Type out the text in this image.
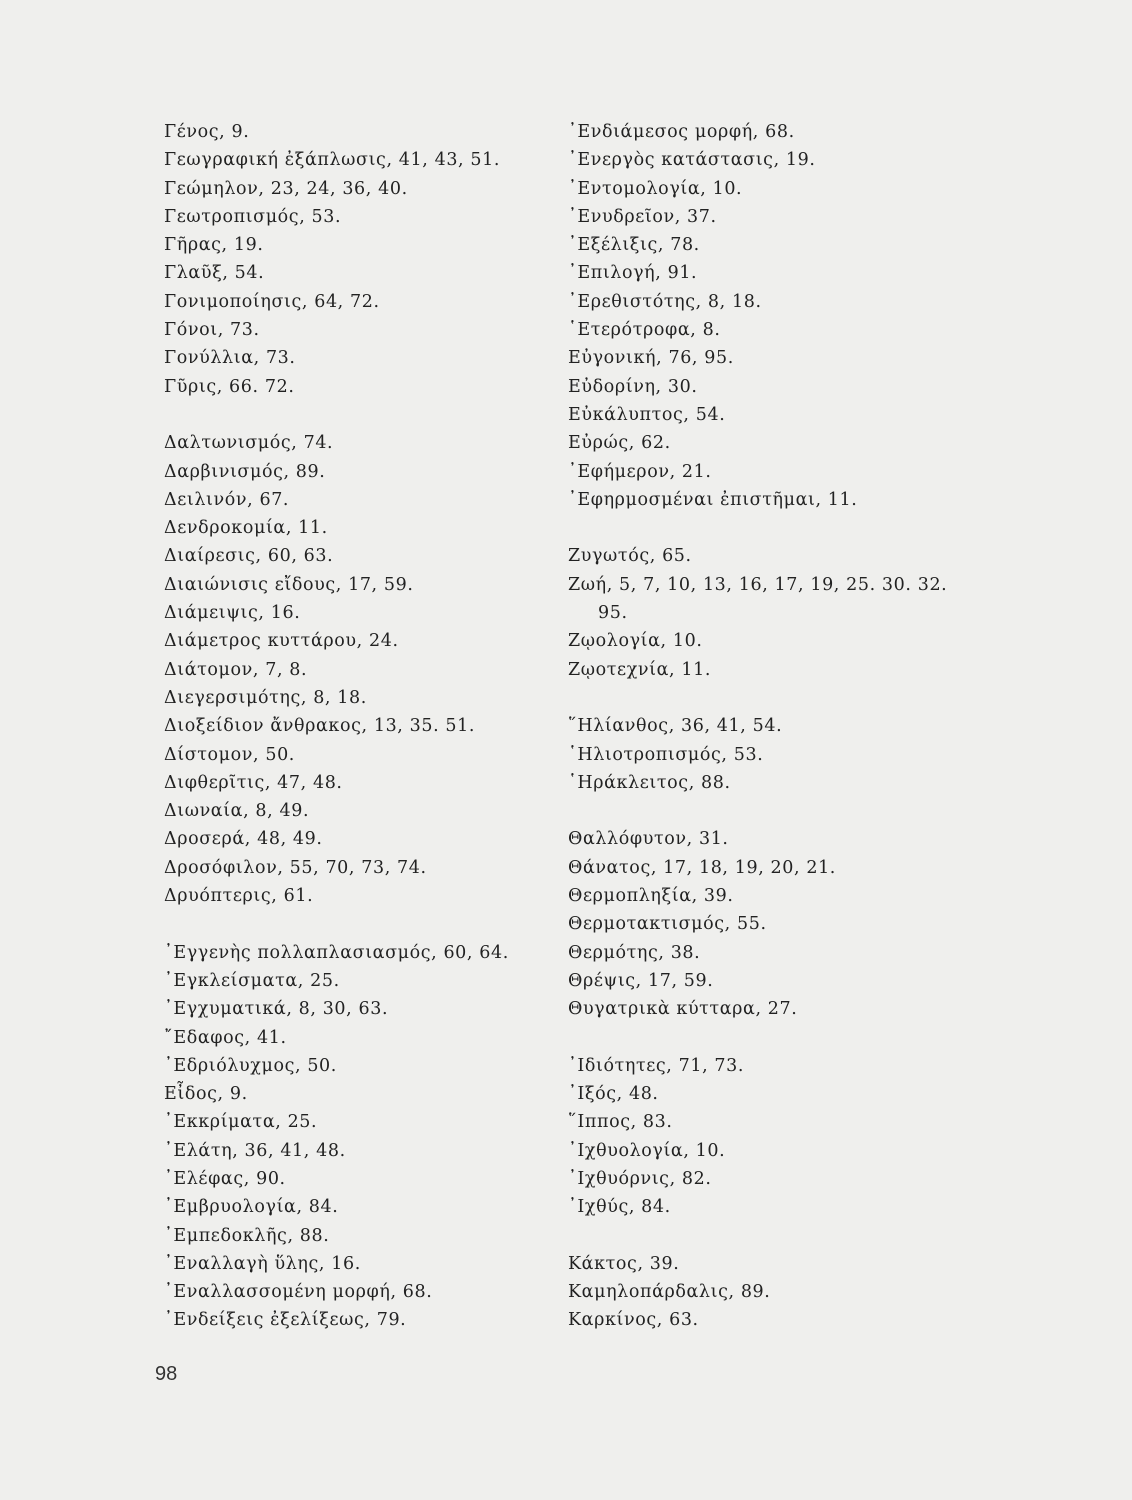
Γένος, 9.
Γεωγραφική ἐξάπλωσις, 41, 43, 51.
Γεώμηλον, 23, 24, 36, 40.
Γεωτροπισμός, 53.
Γῆρας, 19.
Γλαῦξ, 54.
Γονιμοποίησις, 64, 72.
Γόνοι, 73.
Γονύλλια, 73.
Γῦρις, 66. 72.
Δαλτωνισμός, 74.
Δαρβινισμός, 89.
Δειλινόν, 67.
Δενδροκομία, 11.
Διαίρεσις, 60, 63.
Διαιώνισις εἴδους, 17, 59.
Διάμειψις, 16.
Διάμετρος κυττάρου, 24.
Διάτομον, 7, 8.
Διεγερσιμότης, 8, 18.
Διοξείδιον ἄνθρακος, 13, 35. 51.
Δίστομον, 50.
Διφθερῖτις, 47, 48.
Διωναία, 8, 49.
Δροσερά, 48, 49.
Δροσόφιλον, 55, 70, 73, 74.
Δρυόπτερις, 61.
᾿Εγγενὴς πολλαπλασιασμός, 60, 64.
᾿Εγκλείσματα, 25.
᾿Εγχυματικά, 8, 30, 63.
῎Εδαφος, 41.
᾿Εδριόλυχμος, 50.
Εἶδος, 9.
᾿Εκκρίματα, 25.
᾿Ελάτη, 36, 41, 48.
᾿Ελέφας, 90.
᾿Εμβρυολογία, 84.
᾿Εμπεδοκλῆς, 88.
᾿Εναλλαγὴ ὕλης, 16.
᾿Εναλλασσομένη μορφή, 68.
᾿Ενδείξεις ἐξελίξεως, 79.
᾿Ενδιάμεσος μορφή, 68.
᾿Ενεργὸς κατάστασις, 19.
᾿Εντομολογία, 10.
᾿Ενυδρεῖον, 37.
᾿Εξέλιξις, 78.
᾿Επιλογή, 91.
᾿Ερεθιστότης, 8, 18.
῾Ετερότροφα, 8.
Εὐγονική, 76, 95.
Εὐδορίνη, 30.
Εὐκάλυπτος, 54.
Εὐρώς, 62.
᾿Εφήμερον, 21.
᾿Εφηρμοσμέναι ἐπιστῆμαι, 11.
Ζυγωτός, 65.
Ζωή, 5, 7, 10, 13, 16, 17, 19, 25. 30. 32.
95.
Ζῳολογία, 10.
Ζῳοτεχνία, 11.
῞Ηλίανθος, 36, 41, 54.
῾Ηλιοτροπισμός, 53.
῾Ηράκλειτος, 88.
Θαλλόφυτον, 31.
Θάνατος, 17, 18, 19, 20, 21.
Θερμοπληξία, 39.
Θερμοτακτισμός, 55.
Θερμότης, 38.
Θρέψις, 17, 59.
Θυγατρικὰ κύτταρα, 27.
᾿Ιδιότητες, 71, 73.
᾿Ιξός, 48.
῞Ιππος, 83.
᾿Ιχθυολογία, 10.
᾿Ιχθυόρνις, 82.
᾿Ιχθύς, 84.
Κάκτος, 39.
Καμηλοπάρδαλις, 89.
Καρκίνος, 63.
98
